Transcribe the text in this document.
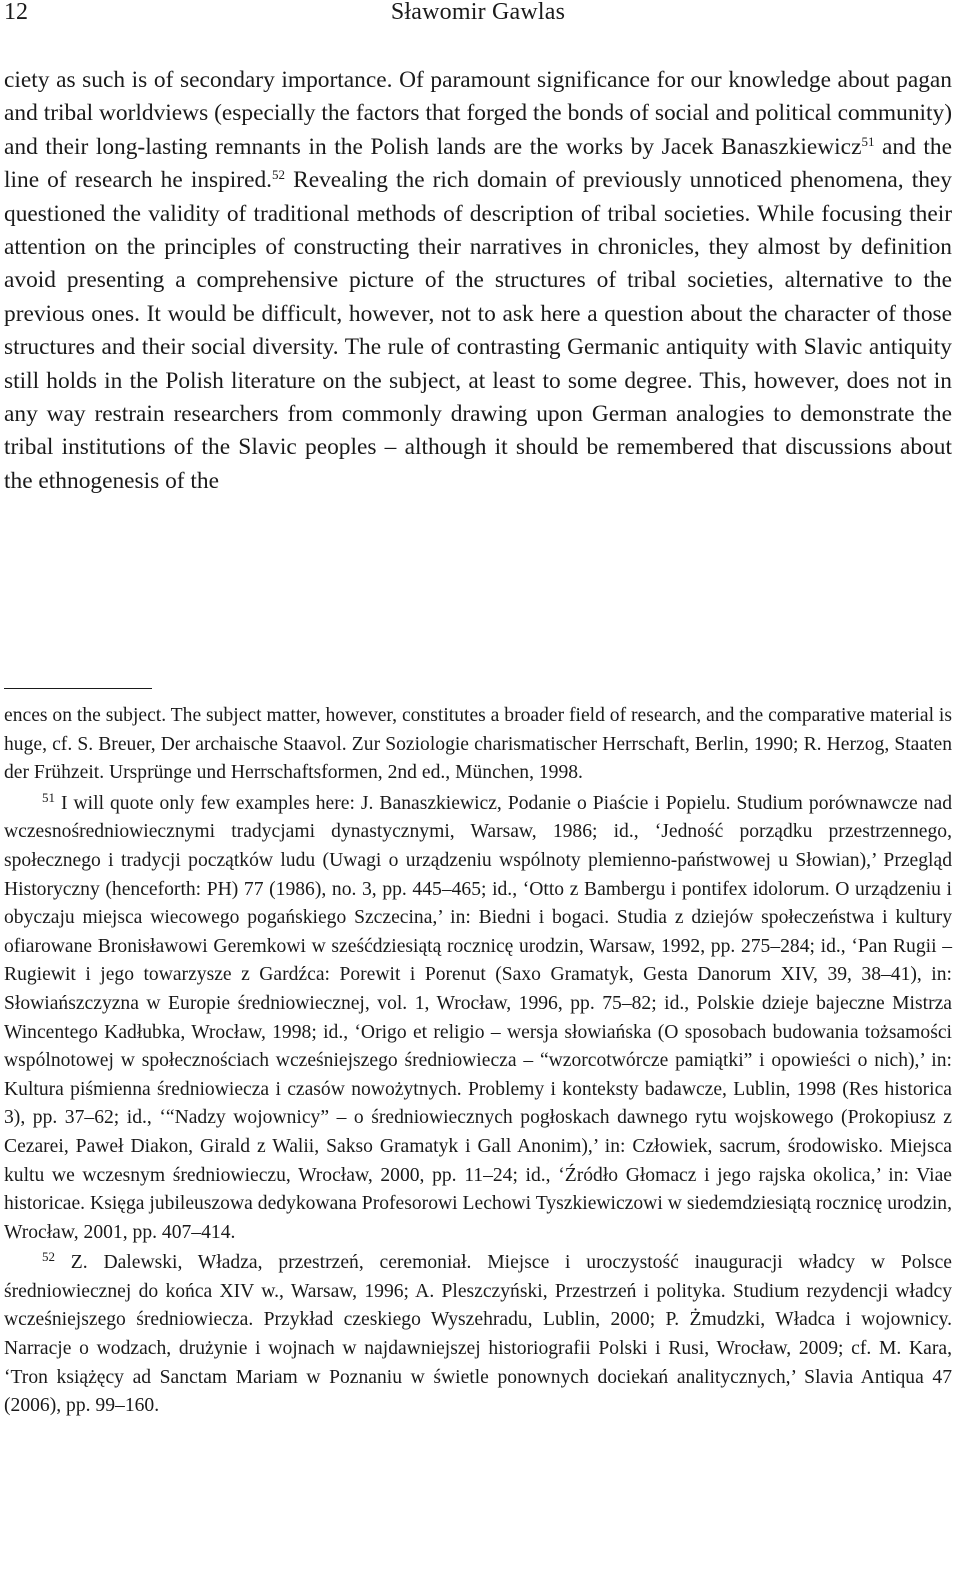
12	Sławomir Gawlas

ciety as such is of secondary importance. Of paramount significance for our knowledge about pagan and tribal worldviews (especially the factors that forged the bonds of social and political community) and their long-lasting remnants in the Polish lands are the works by Jacek Banaszkiewicz$^{51}$ and the line of research he inspired.$^{52}$ Revealing the rich domain of previously unnoticed phenomena, they questioned the validity of traditional methods of description of tribal societies. While focusing their attention on the principles of constructing their narratives in chronicles, they almost by definition avoid presenting a comprehensive picture of the structures of tribal societies, alternative to the previous ones. It would be difficult, however, not to ask here a question about the character of those structures and their social diversity. The rule of contrasting Germanic antiquity with Slavic antiquity still holds in the Polish literature on the subject, at least to some degree. This, however, does not in any way restrain researchers from commonly drawing upon German analogies to demonstrate the tribal institutions of the Slavic peoples – although it should be remembered that discussions about the ethnogenesis of the

ences on the subject. The subject matter, however, constitutes a broader field of research, and the comparative material is huge, cf. S. Breuer, Der archaische Staavol. Zur Soziologie charismatischer Herrschaft, Berlin, 1990; R. Herzog, Staaten der Frühzeit. Ursprünge und Herrschaftsformen, 2nd ed., München, 1998.

$^{51}$ I will quote only few examples here: J. Banaszkiewicz, Podanie o Piaście i Popielu. Studium porównawcze nad wczesnośredniowiecznymi tradycjami dynastycznymi, Warsaw, 1986; id., ‘Jedność porządku przestrzennego, społecznego i tradycji początków ludu (Uwagi o urządzeniu wspólnoty plemienno-państwowej u Słowian),’ Przegląd Historyczny (henceforth: PH) 77 (1986), no. 3, pp. 445–465; id., ‘Otto z Bambergu i pontifex idolorum. O urządzeniu i obyczaju miejsca wiecowego pogańskiego Szczecina,’ in: Biedni i bogaci. Studia z dziejów społeczeństwa i kultury ofiarowane Bronisławowi Geremkowi w sześćdziesiątą rocznicę urodzin, Warsaw, 1992, pp. 275–284; id., ‘Pan Rugii – Rugiewit i jego towarzysze z Gardźca: Porewit i Porenut (Saxo Gramatyk, Gesta Danorum XIV, 39, 38–41), in: Słowiańszczyzna w Europie średniowiecznej, vol. 1, Wrocław, 1996, pp. 75–82; id., Polskie dzieje bajeczne Mistrza Wincentego Kadłubka, Wrocław, 1998; id., ‘Origo et religio – wersja słowiańska (O sposobach budowania tożsamości wspólnotowej w społecznościach wcześniejszego średniowiecza – “wzorcotwórcze pamiątki” i opowieści o nich),’ in: Kultura piśmienna średniowiecza i czasów nowożytnych. Problemy i konteksty badawcze, Lublin, 1998 (Res historica 3), pp. 37–62; id., ‘“Nadzy wojownicy” – o średniowiecznych pogłoskach dawnego rytu wojskowego (Prokopiusz z Cezarei, Paweł Diakon, Girald z Walii, Sakso Gramatyk i Gall Anonim),’ in: Człowiek, sacrum, środowisko. Miejsca kultu we wczesnym średniowieczu, Wrocław, 2000, pp. 11–24; id., ‘Źródło Głomacz i jego rajska okolica,’ in: Viae historicae. Księga jubileuszowa dedykowana Profesorowi Lechowi Tyszkiewiczowi w siedemdziesiątą rocznicę urodzin, Wrocław, 2001, pp. 407–414.

$^{52}$ Z. Dalewski, Władza, przestrzeń, ceremoniał. Miejsce i uroczystość inauguracji władcy w Polsce średniowiecznej do końca XIV w., Warsaw, 1996; A. Pleszczyński, Przestrzeń i polityka. Studium rezydencji władcy wcześniejszego średniowiecza. Przykład czeskiego Wyszehradu, Lublin, 2000; P. Żmudzki, Władca i wojownicy. Narracje o wodzach, drużynie i wojnach w najdawniejszej historiografii Polski i Rusi, Wrocław, 2009; cf. M. Kara, ‘Tron książęcy ad Sanctam Mariam w Poznaniu w świetle ponownych dociekań analitycznych,’ Slavia Antiqua 47 (2006), pp. 99–160.
